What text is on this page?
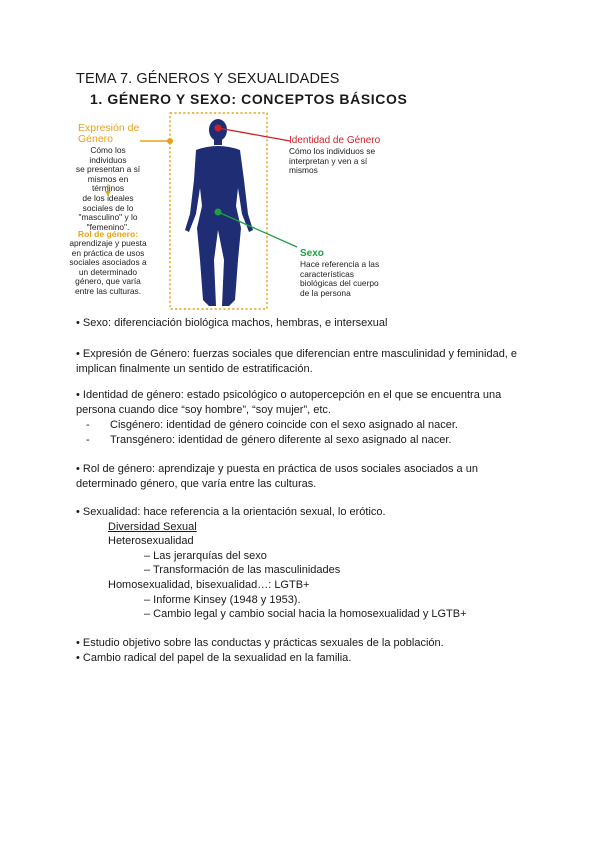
TEMA 7. GÉNEROS Y SEXUALIDADES
1. GÉNERO Y SEXO: CONCEPTOS BÁSICOS
Expresión de
Género
Cómo los individuos
se presentan a sí
mismos en términos
de los ideales
sociales de lo
"masculino" y lo
"femenino".
Rol de género:
aprendizaje y puesta
en práctica de usos
sociales asociados a
un determinado
género, que varía
entre las culturas.
Identidad de Género
Cómo los individuos se
interpretan y ven a sí
mismos
Sexo
Hace referencia a las
características
biológicas del cuerpo
de la persona
• Sexo: diferenciación biológica machos, hembras, e intersexual
• Expresión de Género: fuerzas sociales que diferencian entre masculinidad y feminidad, e
implican finalmente un sentido de estratificación.
• Identidad de género: estado psicológico o autopercepción en el que se encuentra una
persona cuando dice “soy hombre”, “soy mujer”, etc.
- Cisgénero: identidad de género coincide con el sexo asignado al nacer.
- Transgénero: identidad de género diferente al sexo asignado al nacer.
• Rol de género: aprendizaje y puesta en práctica de usos sociales asociados a un
determinado género, que varía entre las culturas.
• Sexualidad: hace referencia a la orientación sexual, lo erótico.
Diversidad Sexual
Heterosexualidad
– Las jerarquías del sexo
– Transformación de las masculinidades
Homosexualidad, bisexualidad…: LGTB+
– Informe Kinsey (1948 y 1953).
– Cambio legal y cambio social hacia la homosexualidad y LGTB+
• Estudio objetivo sobre las conductas y prácticas sexuales de la población.
• Cambio radical del papel de la sexualidad en la familia.
